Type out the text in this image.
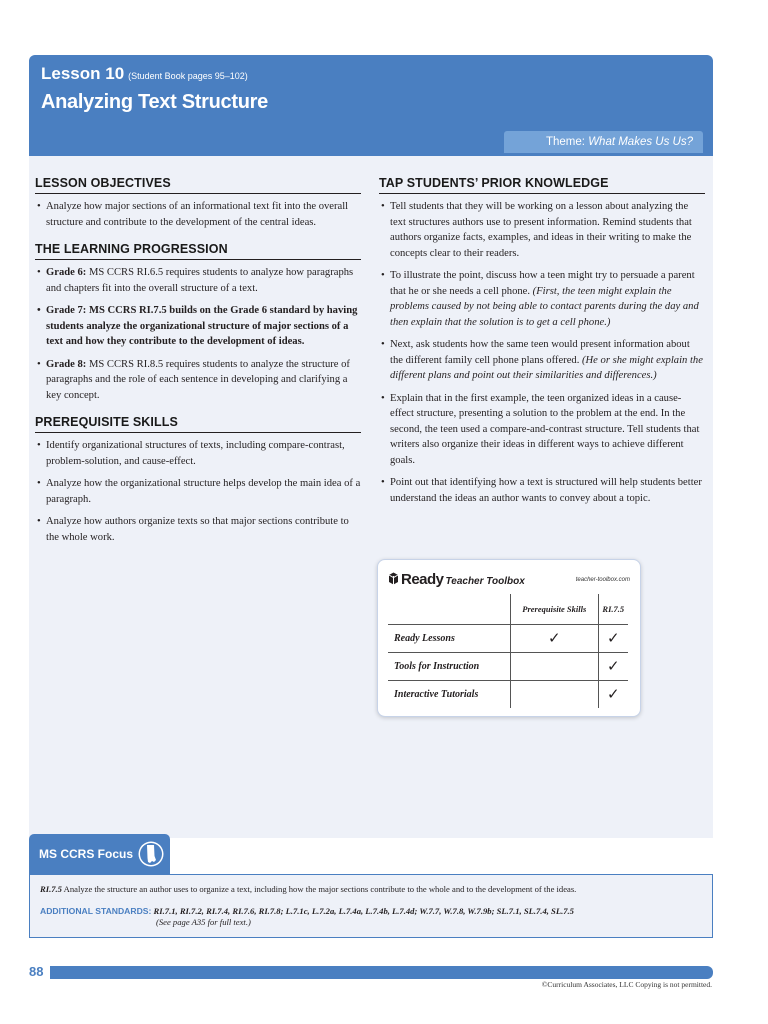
Lesson 10 (Student Book pages 95–102)
Analyzing Text Structure
Theme: What Makes Us Us?
LESSON OBJECTIVES
• Analyze how major sections of an informational text fit into the overall structure and contribute to the development of the central ideas.
THE LEARNING PROGRESSION
• Grade 6: MS CCRS RI.6.5 requires students to analyze how paragraphs and chapters fit into the overall structure of a text.
• Grade 7: MS CCRS RI.7.5 builds on the Grade 6 standard by having students analyze the organizational structure of major sections of a text and how they contribute to the development of ideas.
• Grade 8: MS CCRS RI.8.5 requires students to analyze the structure of paragraphs and the role of each sentence in developing and clarifying a key concept.
PREREQUISITE SKILLS
• Identify organizational structures of texts, including compare-contrast, problem-solution, and cause-effect.
• Analyze how the organizational structure helps develop the main idea of a paragraph.
• Analyze how authors organize texts so that major sections contribute to the whole work.
TAP STUDENTS’ PRIOR KNOWLEDGE
• Tell students that they will be working on a lesson about analyzing the text structures authors use to present information. Remind students that authors organize facts, examples, and ideas in their writing to make the concepts clear to their readers.
• To illustrate the point, discuss how a teen might try to persuade a parent that he or she needs a cell phone. (First, the teen might explain the problems caused by not being able to contact parents during the day and then explain that the solution is to get a cell phone.)
• Next, ask students how the same teen would present information about the different family cell phone plans offered. (He or she might explain the different plans and point out their similarities and differences.)
• Explain that in the first example, the teen organized ideas in a cause-effect structure, presenting a solution to the problem at the end. In the second, the teen used a compare-and-contrast structure. Tell students that writers also organize their ideas in different ways to achieve different goals.
• Point out that identifying how a text is structured will help students better understand the ideas an author wants to convey about a topic.
Ready Teacher Toolbox	teacher-toolbox.com
	Prerequisite Skills	RI.7.5
Ready Lessons	✓	✓
Tools for Instruction		✓
Interactive Tutorials		✓
MS CCRS Focus
RI.7.5 Analyze the structure an author uses to organize a text, including how the major sections contribute to the whole and to the development of the ideas.
ADDITIONAL STANDARDS: RI.7.1, RI.7.2, RI.7.4, RI.7.6, RI.7.8; L.7.1c, L.7.2a, L.7.4a, L.7.4b, L.7.4d; W.7.7, W.7.8, W.7.9b; SL.7.1, SL.7.4, SL.7.5
(See page A35 for full text.)
88
©Curriculum Associates, LLC Copying is not permitted.
